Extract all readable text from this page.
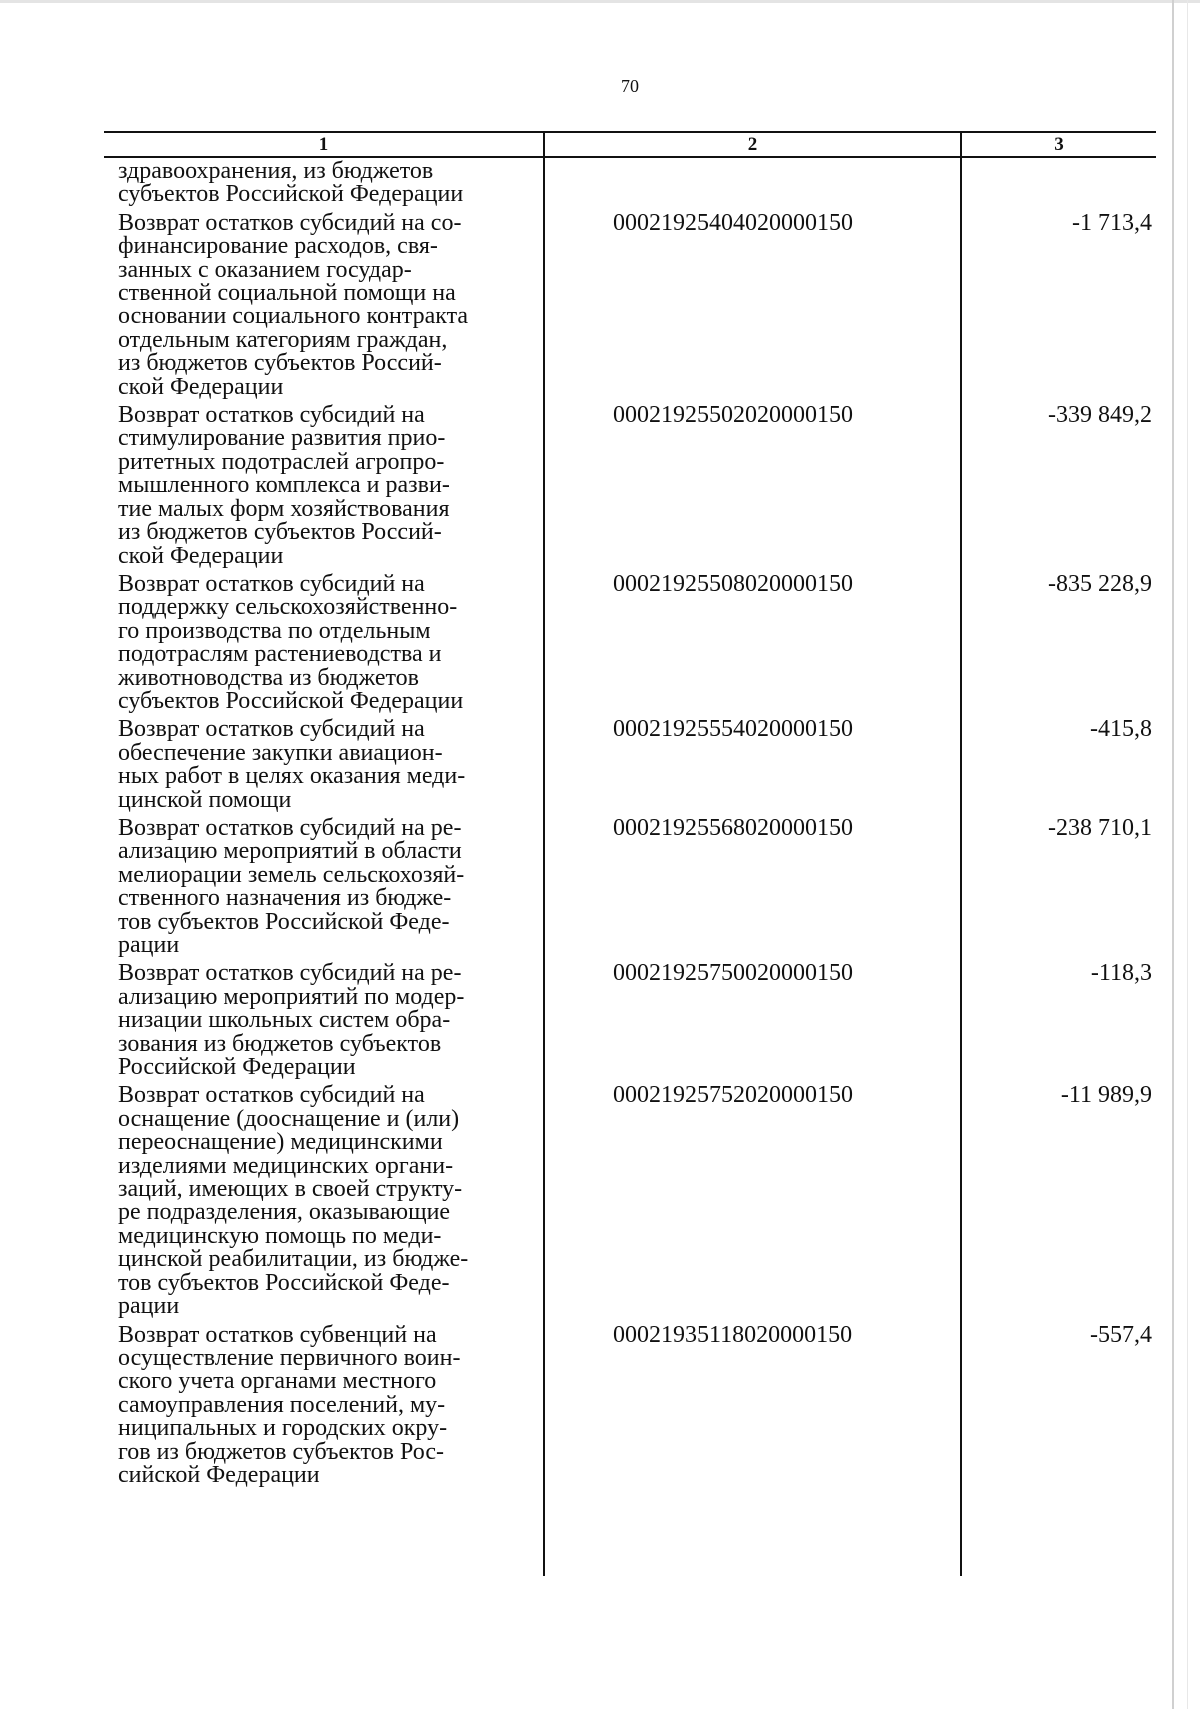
70
1	2	3
здравоохранения, из бюджетов
субъектов Российской Федерации
Возврат остатков субсидий на со-
финансирование расходов, свя-
занных с оказанием государ-
ственной социальной помощи на
основании социального контракта
отдельным категориям граждан,
из бюджетов субъектов Россий-
ской Федерации
00021925404020000150	-1 713,4
Возврат остатков субсидий на
стимулирование развития прио-
ритетных подотраслей агропро-
мышленного комплекса и разви-
тие малых форм хозяйствования
из бюджетов субъектов Россий-
ской Федерации
00021925502020000150	-339 849,2
Возврат остатков субсидий на
поддержку сельскохозяйственно-
го производства по отдельным
подотраслям растениеводства и
животноводства из бюджетов
субъектов Российской Федерации
00021925508020000150	-835 228,9
Возврат остатков субсидий на
обеспечение закупки авиацион-
ных работ в целях оказания меди-
цинской помощи
00021925554020000150	-415,8
Возврат остатков субсидий на ре-
ализацию мероприятий в области
мелиорации земель сельскохозяй-
ственного назначения из бюдже-
тов субъектов Российской Феде-
рации
00021925568020000150	-238 710,1
Возврат остатков субсидий на ре-
ализацию мероприятий по модер-
низации школьных систем обра-
зования из бюджетов субъектов
Российской Федерации
00021925750020000150	-118,3
Возврат остатков субсидий на
оснащение (дооснащение и (или)
переоснащение) медицинскими
изделиями медицинских органи-
заций, имеющих в своей структу-
ре подразделения, оказывающие
медицинскую помощь по меди-
цинской реабилитации, из бюдже-
тов субъектов Российской Феде-
рации
00021925752020000150	-11 989,9
Возврат остатков субвенций на
осуществление первичного воин-
ского учета органами местного
самоуправления поселений, му-
ниципальных и городских окру-
гов из бюджетов субъектов Рос-
сийской Федерации
00021935118020000150	-557,4
